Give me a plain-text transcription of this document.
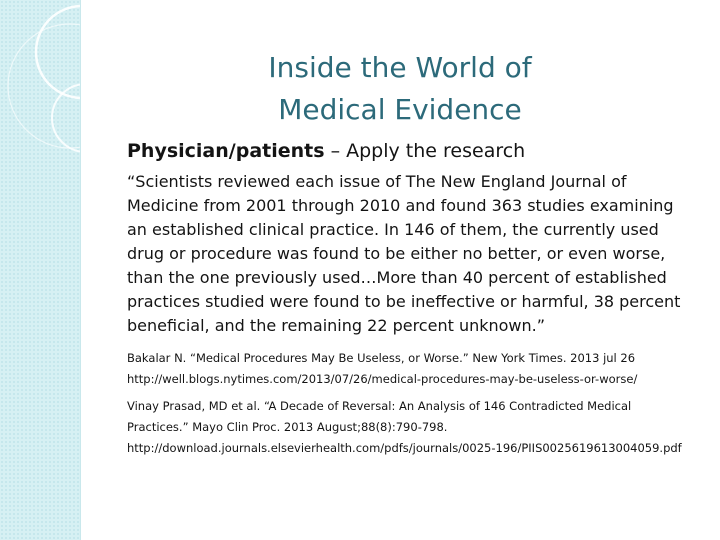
Inside the World of
Medical Evidence

Physician/patients – Apply the research

“Scientists reviewed each issue of The New England Journal of Medicine from 2001 through 2010 and found 363 studies examining an established clinical practice. In 146 of them, the currently used drug or procedure was found to be either no better, or even worse, than the one previously used…More than 40 percent of established practices studied were found to be ineffective or harmful, 38 percent beneficial, and the remaining 22 percent unknown.”

Bakalar N. “Medical Procedures May Be Useless, or Worse.” New York Times. 2013 jul 26 http://well.blogs.nytimes.com/2013/07/26/medical-procedures-may-be-useless-or-worse/

Vinay Prasad, MD et al. “A Decade of Reversal: An Analysis of 146 Contradicted Medical Practices.” Mayo Clin Proc. 2013 August;88(8):790-798. http://download.journals.elsevierhealth.com/pdfs/journals/0025-196/PIIS0025619613004059.pdf
